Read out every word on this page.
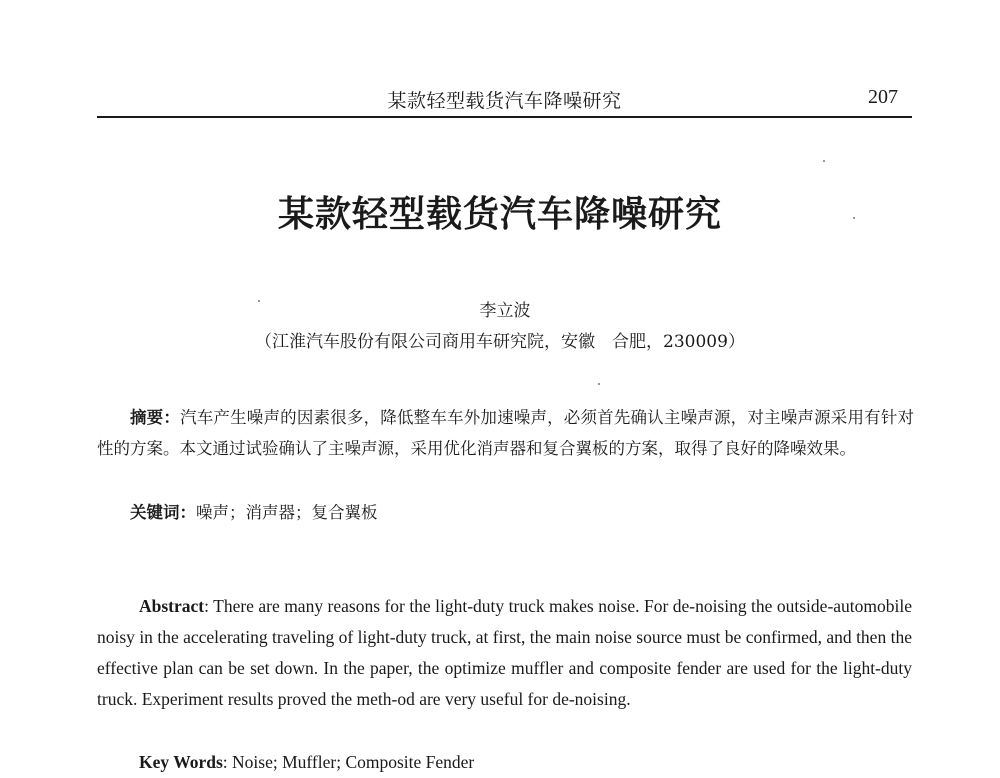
某款轻型载货汽车降噪研究	207
某款轻型载货汽车降噪研究
李立波
（江淮汽车股份有限公司商用车研究院，安徽　合肥，230009）

摘要：汽车产生噪声的因素很多，降低整车车外加速噪声，必须首先确认主噪声源，对主噪声源采用有针对性的方案。本文通过试验确认了主噪声源，采用优化消声器和复合翼板的方案，取得了良好的降噪效果。

关键词：噪声；消声器；复合翼板

Abstract: There are many reasons for the light-duty truck makes noise. For de-noising the outside-automobile noisy in the accelerating traveling of light-duty truck, at first, the main noise source must be confirmed, and then the effective plan can be set down. In the paper, the optimize muffler and composite fender are used for the light-duty truck. Experiment results proved the meth-od are very useful for de-noising.

Key Words: Noise; Muffler; Composite Fender
